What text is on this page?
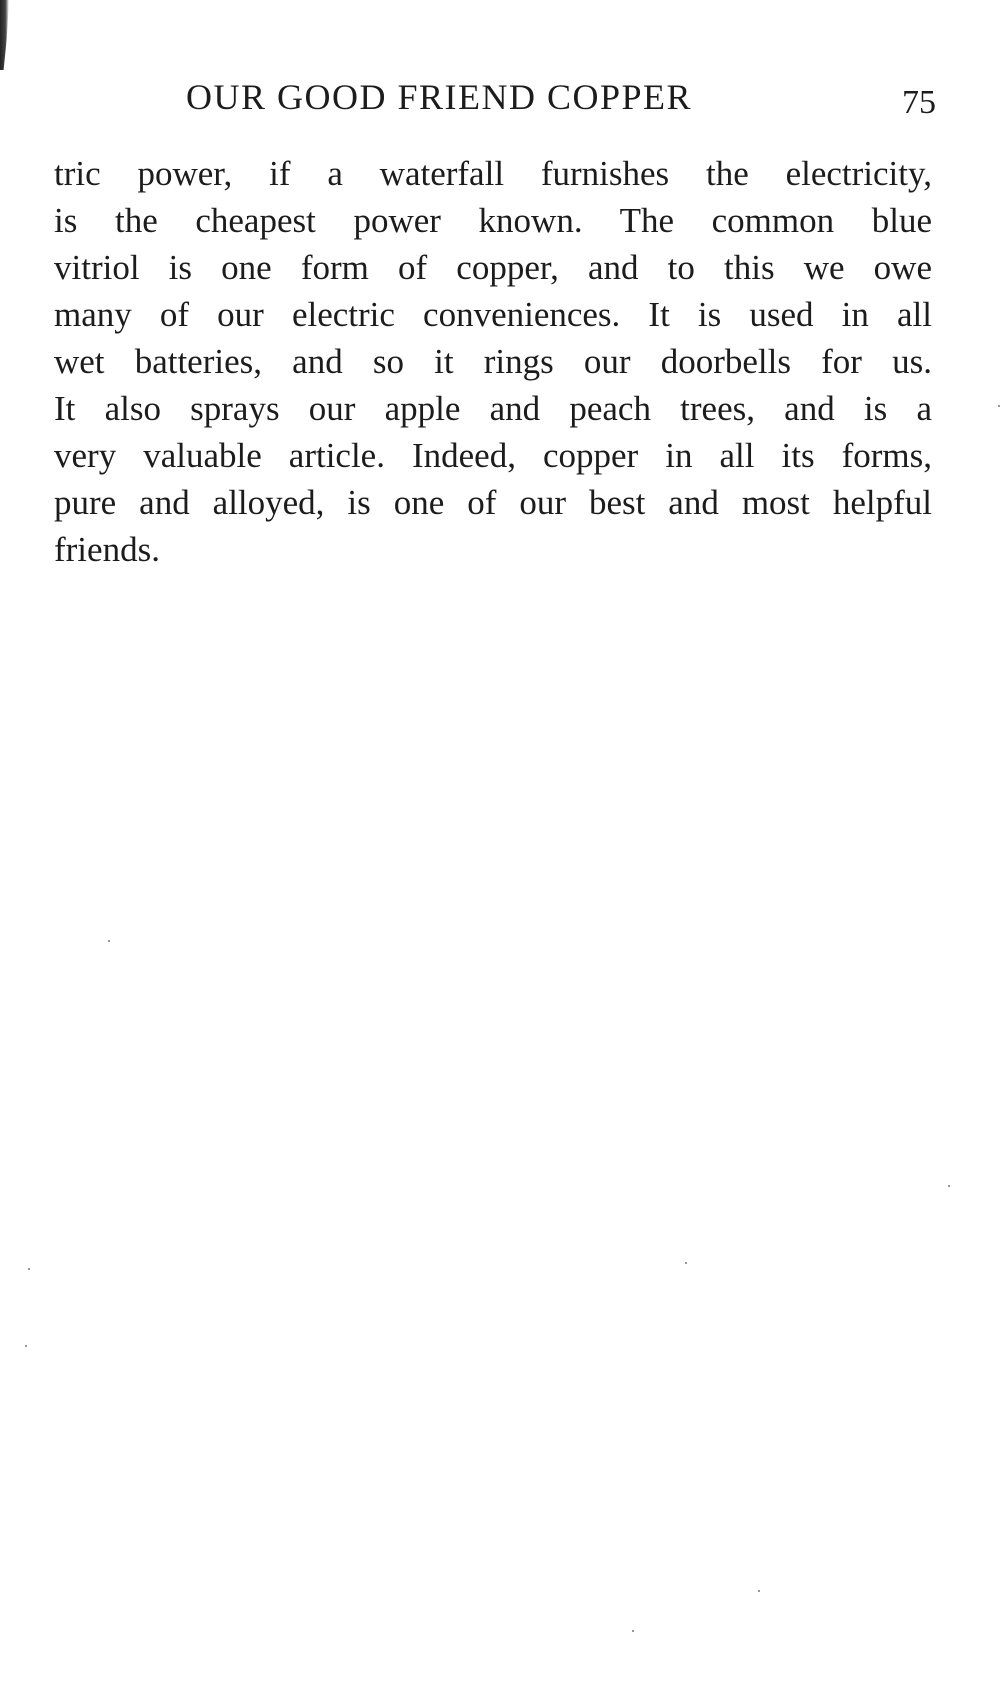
OUR GOOD FRIEND COPPER	75

tric power, if a waterfall furnishes the electricity,
is the cheapest power known. The common blue
vitriol is one form of copper, and to this we owe
many of our electric conveniences. It is used in all
wet batteries, and so it rings our doorbells for us.
It also sprays our apple and peach trees, and is a
very valuable article. Indeed, copper in all its forms,
pure and alloyed, is one of our best and most helpful
friends.
